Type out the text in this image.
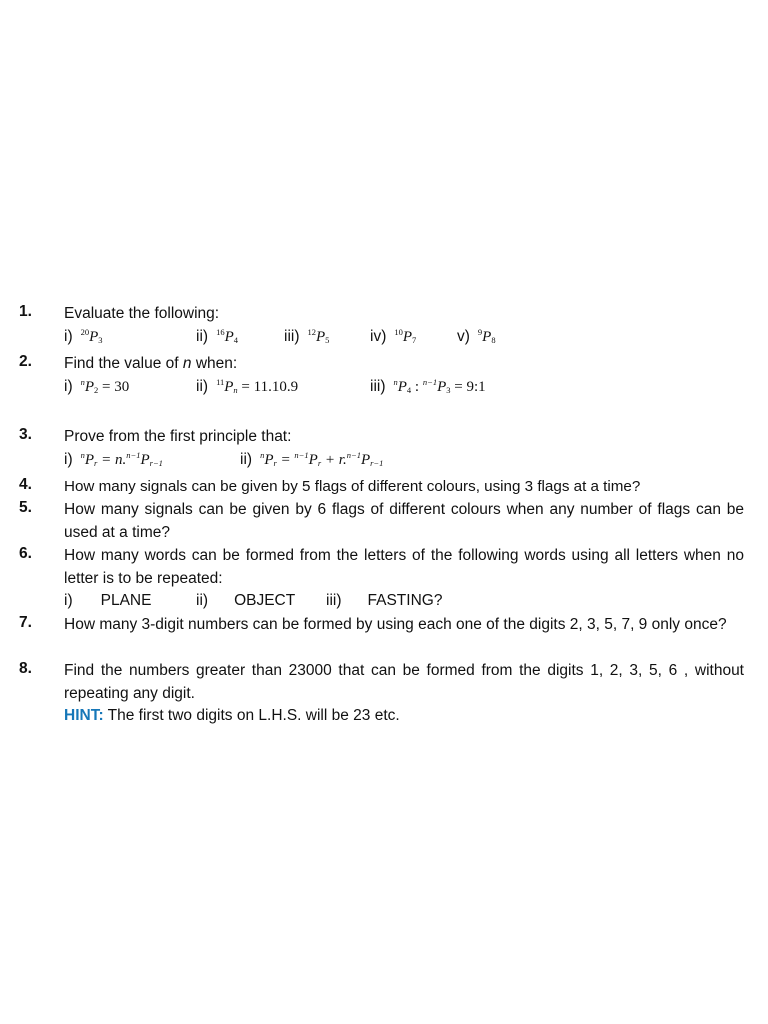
1. Evaluate the following:
i) $^{20}P_3$	ii) $^{16}P_4$	iii) $^{12}P_5$	iv) $^{10}P_7$	v) $^9P_8$
2. Find the value of n when:
i) $^nP_2 = 30$	ii) $^{11}P_n = 11.10.9$	iii) $^nP_4$ : $^{n-1}P_3$ = 9:1
3. Prove from the first principle that:
i) $^nP_r = n.^{n-1}P_{r-1}$	ii) $^nP_r = ^{n-1}P_r + r.^{n-1}P_{r-1}$
4. How many signals can be given by 5 flags of different colours, using 3 flags at a time?
5. How many signals can be given by 6 flags of different colours when any number of flags can be used at a time?
6. How many words can be formed from the letters of the following words using all letters when no letter is to be repeated:
i) PLANE	ii) OBJECT iii) FASTING?
7. How many 3-digit numbers can be formed by using each one of the digits 2, 3, 5, 7, 9 only once?
8. Find the numbers greater than 23000 that can be formed from the digits 1, 2, 3, 5, 6 , without repeating any digit.
HINT: The first two digits on L.H.S. will be 23 etc.
